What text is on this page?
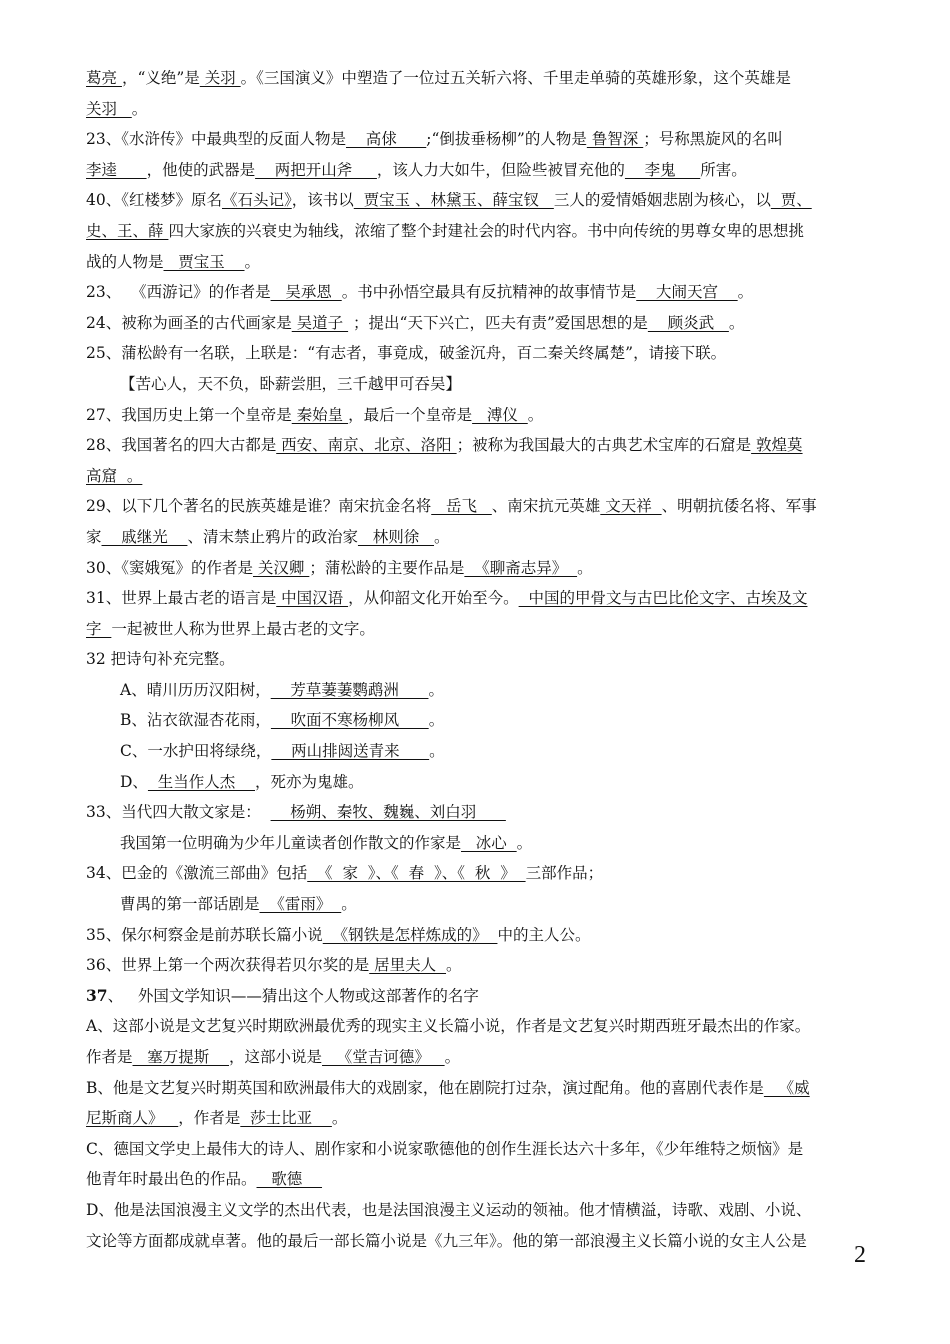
葛亮 ，“义绝”是 关羽 。《三国演义》中塑造了一位过五关斩六将、千里走单骑的英雄形象，这个英雄是
关羽   。
23、《水浒传》中最典型的反面人物是    高俅      ;“倒拔垂杨柳”的人物是 鲁智深 ；号称黑旋风的名叫
李逵      ，他使的武器是    两把开山斧     ，该人力大如牛，但险些被冒充他的    李鬼     所害。
40、《红楼梦》原名《石头记》，该书以  贾宝玉 、林黛玉、薛宝钗   三人的爱情婚姻悲剧为核心，以  贾、
史、王、薛 四大家族的兴衰史为轴线，浓缩了整个封建社会的时代内容。书中向传统的男尊女卑的思想挑
战的人物是   贾宝玉    。
23、  《西游记》的作者是   吴承恩  。书中孙悟空最具有反抗精神的故事情节是    大闹天宫    。
24、被称为画圣的古代画家是 吴道子  ；提出“天下兴亡，匹夫有责”爱国思想的是    顾炎武   。
25、蒲松龄有一名联，上联是：“有志者，事竟成，破釜沉舟，百二秦关终属楚”，请接下联。
【苦心人，天不负，卧薪尝胆，三千越甲可吞吴】
27、我国历史上第一个皇帝是 秦始皇 ，最后一个皇帝是   溥仪  。
28、我国著名的四大古都是 西安、南京、北京、洛阳 ；被称为我国最大的古典艺术宝库的石窟是 敦煌莫
高窟  。
29、以下几个著名的民族英雄是谁？南宋抗金名将   岳飞   、南宋抗元英雄 文天祥  、明朝抗倭名将、军事
家    戚继光    、清末禁止鸦片的政治家   林则徐   。
30、《窦娥冤》的作者是 关汉卿 ；蒲松龄的主要作品是  《聊斋志异》  。
31、世界上最古老的语言是 中国汉语 ，从仰韶文化开始至今。  中国的甲骨文与古巴比伦文字、古埃及文
字  一起被世人称为世界上最古老的文字。
32 把诗句补充完整。
A、晴川历历汉阳树，    芳草萋萋鹦鹉洲      。
B、沾衣欲湿杏花雨，    吹面不寒杨柳风      。
C、一水护田将绿绕，    两山排闼送青来      。
D、  生当作人杰    ，死亦为鬼雄。
33、当代四大散文家是：      杨朔、秦牧、魏巍、刘白羽
我国第一位明确为少年儿童读者创作散文的作家是   冰心  。
34、巴金的《激流三部曲》包括  《  家  》、《  春  》、《  秋  》  三部作品；
曹禺的第一部话剧是  《雷雨》  。
35、保尔柯察金是前苏联长篇小说  《钢铁是怎样炼成的》  中的主人公。
36、世界上第一个两次获得若贝尔奖的是 居里夫人  。
37、   外国文学知识——猜出这个人物或这部著作的名字
A、这部小说是文艺复兴时期欧洲最优秀的现实主义长篇小说，作者是文艺复兴时期西班牙最杰出的作家。
作者是   塞万提斯    ，这部小说是   《堂吉诃德》   。
B、他是文艺复兴时期英国和欧洲最伟大的戏剧家，他在剧院打过杂，演过配角。他的喜剧代表作是   《威
尼斯商人》   ，作者是  莎士比亚    。
C、德国文学史上最伟大的诗人、剧作家和小说家歌德他的创作生涯长达六十多年，《少年维特之烦恼》是
他青年时最出色的作品。   歌德
D、他是法国浪漫主义文学的杰出代表，也是法国浪漫主义运动的领袖。他才情横溢，诗歌、戏剧、小说、
文论等方面都成就卓著。他的最后一部长篇小说是《九三年》。他的第一部浪漫主义长篇小说的女主人公是
2
